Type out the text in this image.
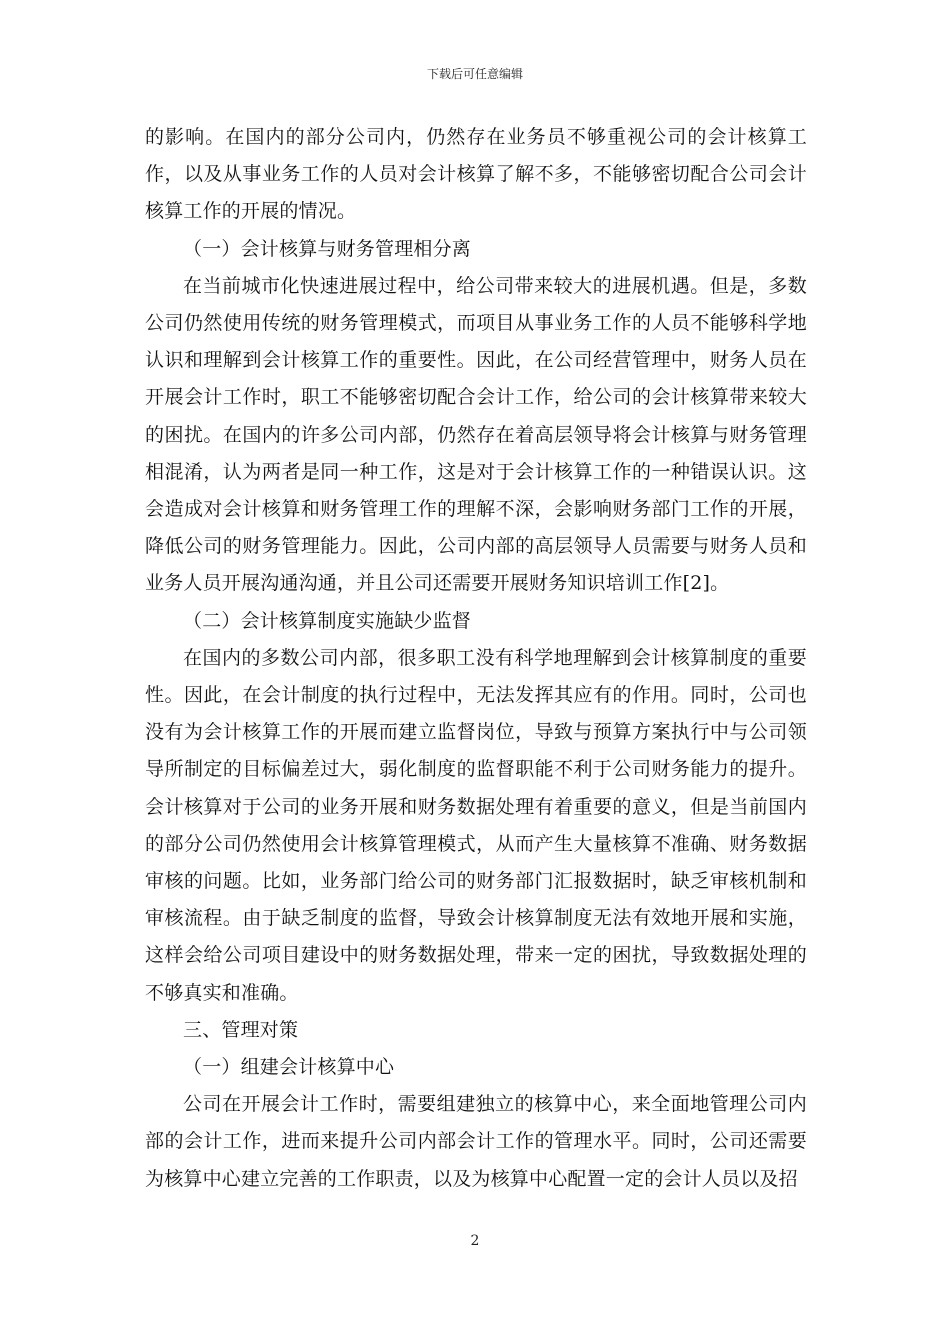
下载后可任意编辑

的影响。在国内的部分公司内，仍然存在业务员不够重视公司的会计核算工作，以及从事业务工作的人员对会计核算了解不多，不能够密切配合公司会计核算工作的开展的情况。

（一）会计核算与财务管理相分离

在当前城市化快速进展过程中，给公司带来较大的进展机遇。但是，多数公司仍然使用传统的财务管理模式，而项目从事业务工作的人员不能够科学地认识和理解到会计核算工作的重要性。因此，在公司经营管理中，财务人员在开展会计工作时，职工不能够密切配合会计工作，给公司的会计核算带来较大的困扰。在国内的许多公司内部，仍然存在着高层领导将会计核算与财务管理相混淆，认为两者是同一种工作，这是对于会计核算工作的一种错误认识。这会造成对会计核算和财务管理工作的理解不深，会影响财务部门工作的开展，降低公司的财务管理能力。因此，公司内部的高层领导人员需要与财务人员和业务人员开展沟通沟通，并且公司还需要开展财务知识培训工作[2]。

（二）会计核算制度实施缺少监督

在国内的多数公司内部，很多职工没有科学地理解到会计核算制度的重要性。因此，在会计制度的执行过程中，无法发挥其应有的作用。同时，公司也没有为会计核算工作的开展而建立监督岗位，导致与预算方案执行中与公司领导所制定的目标偏差过大，弱化制度的监督职能不利于公司财务能力的提升。会计核算对于公司的业务开展和财务数据处理有着重要的意义，但是当前国内的部分公司仍然使用会计核算管理模式，从而产生大量核算不准确、财务数据审核的问题。比如，业务部门给公司的财务部门汇报数据时，缺乏审核机制和审核流程。由于缺乏制度的监督，导致会计核算制度无法有效地开展和实施，这样会给公司项目建设中的财务数据处理，带来一定的困扰，导致数据处理的不够真实和准确。

三、管理对策

（一）组建会计核算中心

公司在开展会计工作时，需要组建独立的核算中心，来全面地管理公司内部的会计工作，进而来提升公司内部会计工作的管理水平。同时，公司还需要为核算中心建立完善的工作职责，以及为核算中心配置一定的会计人员以及招

2
